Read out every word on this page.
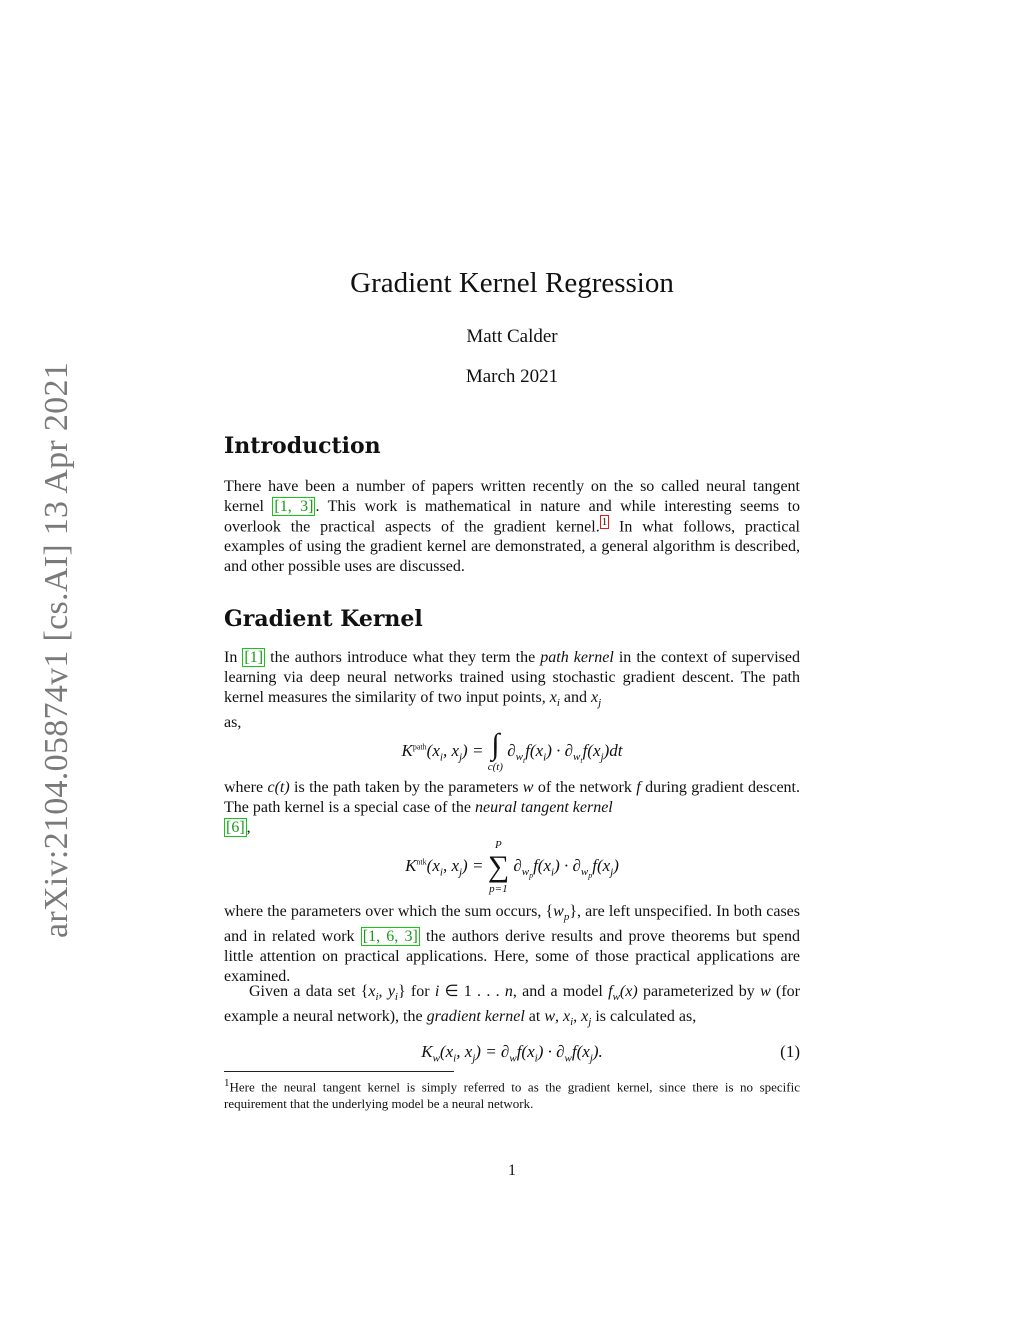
arXiv:2104.05874v1 [cs.AI] 13 Apr 2021
Gradient Kernel Regression
Matt Calder
March 2021
Introduction
There have been a number of papers written recently on the so called neural tangent kernel [1, 3] . This work is mathematical in nature and while interesting seems to overlook the practical aspects of the gradient kernel. $^1$ In what follows, practical examples of using the gradient kernel are demonstrated, a general algorithm is described, and other possible uses are discussed.
Gradient Kernel
In [1] the authors introduce what they term the path kernel in the context of supervised learning via deep neural networks trained using stochastic gradient descent. The path kernel measures the similarity of two input points, $x_i$ and $x_j$
as,
$K^{path}(x_i$, $x_j$) = ∫
c(t)
$\partial_{w_t}f(x_i) \cdot \partial_{w_t}f(x_j)dt$
where c(t) is the path taken by the parameters w of the network f during gradient descent. The path kernel is a special case of the neural tangent kernel
[6] ,
$K^{ntk}(x_i$, $x_j$) =
P
∑
p=1
$\partial_{w_p}f(x_i) \cdot \partial_{w_p}f(x_j)$
where the parameters over which the sum occurs, $\{w_p\}$, are left unspecified. In both cases and in related work [1, 6, 3] the authors derive results and prove theorems but spend little attention on practical applications. Here, some of those practical applications are examined.
Given a data set {$x_i$, $y_i$} for i ∈ 1 . . . n, and a model $f_w(x)$ parameterized by w (for example a neural network), the gradient kernel at w, $x_i$, $x_j$ is calculated as,
$K_w(x_i$, $x_j) = \partial_wf(x_i) \cdot \partial_wf(x_j)$.	(1)
$^1$Here the neural tangent kernel is simply referred to as the gradient kernel, since there is no specific requirement that the underlying model be a neural network.
1
